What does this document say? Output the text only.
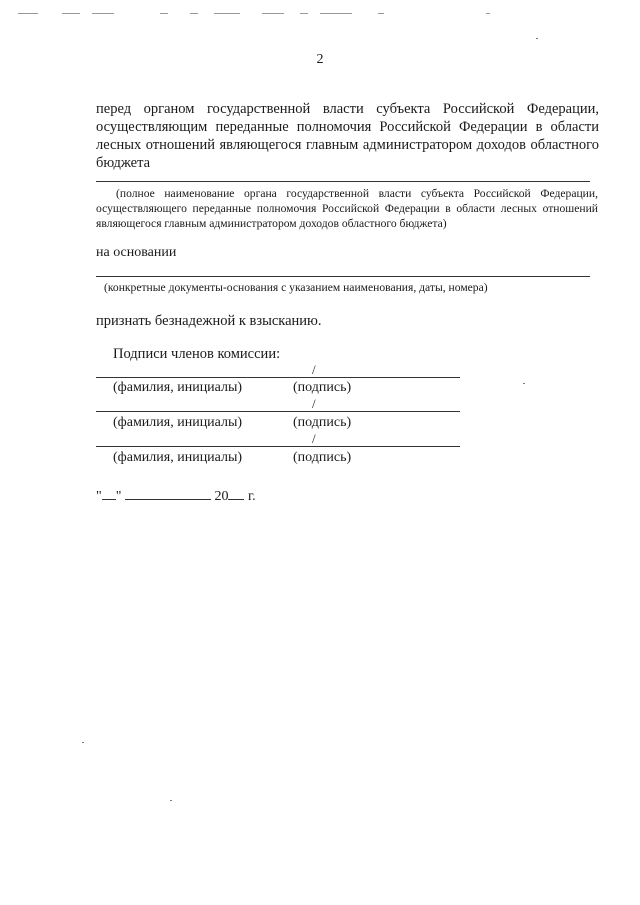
2
перед органом государственной власти субъекта Российской Федерации, осуществляющим переданные полномочия Российской Федерации в области лесных отношений являющегося главным администратором доходов областного бюджета
(полное наименование органа государственной власти субъекта Российской Федерации, осуществляющего переданные полномочия Российской Федерации в области лесных отношений являющегося главным администратором доходов областного бюджета)
на основании
(конкретные документы-основания с указанием наименования, даты, номера)
признать безнадежной к взысканию.
Подписи членов комиссии:
/
(фамилия, инициалы)	(подпись)
/
(фамилия, инициалы)	(подпись)
/
(фамилия, инициалы)	(подпись)
" "	20 г.
